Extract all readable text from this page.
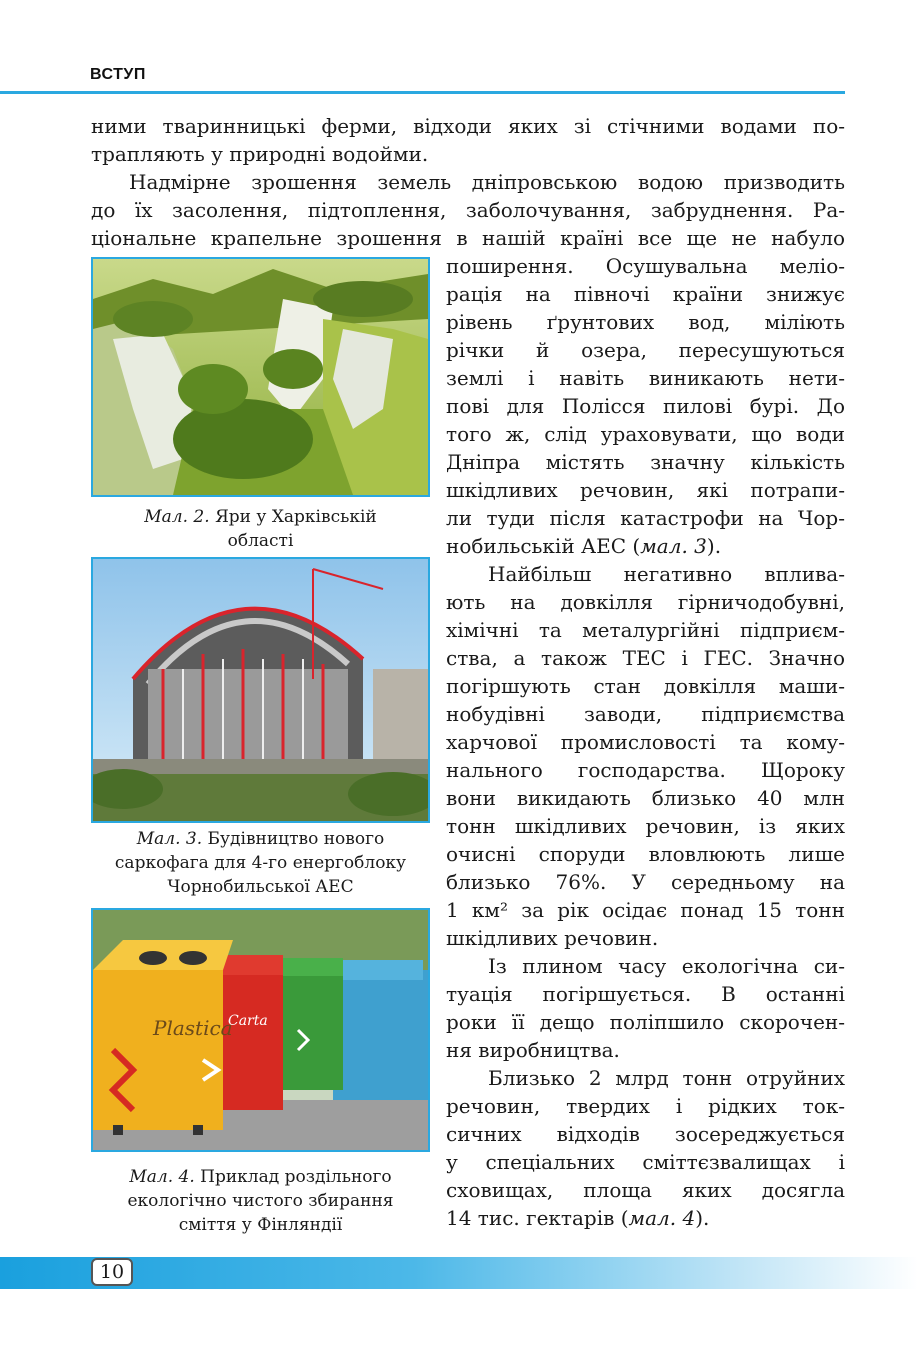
ВСТУП
ними тваринницькі ферми, відходи яких зі стічними водами по-
трапляють у природні водойми.
Надмірне зрошення земель дніпровською водою призводить
до їх засолення, підтоплення, заболочування, забруднення. Ра-
ціональне крапельне зрошення в нашій країні все ще не набуло
поширення. Осушувальна меліо-
рація на півночі країни знижує
рівень ґрунтових вод, міліють
річки й озера, пересушуються
землі і навіть виникають нети-
пові для Полісся пилові бурі. До
того ж, слід ураховувати, що води
Дніпра містять значну кількість
шкідливих речовин, які потрапи-
ли туди після катастрофи на Чор-
нобильській АЕС (мал. 3).
Найбільш негативно вплива-
ють на довкілля гірничодобувні,
хімічні та металургійні підприєм-
ства, а також ТЕС і ГЕС. Значно
погіршують стан довкілля маши-
нобудівні заводи, підприємства
харчової промисловості та кому-
нального господарства. Щороку
вони викидають близько 40 млн
тонн шкідливих речовин, із яких
очисні споруди вловлюють лише
близько 76%. У середньому на
1 км² за рік осідає понад 15 тонн
шкідливих речовин.
Із плином часу екологічна си-
туація погіршується. В останні
роки її дещо поліпшило скорочен-
ня виробництва.
Близько 2 млрд тонн отруйних
речовин, твердих і рідких ток-
сичних відходів зосереджується
у спеціальних сміттєзвалищах і
сховищах, площа яких досягла
14 тис. гектарів (мал. 4).
Мал. 2. Яри у Харківській
області
Мал. 3. Будівництво нового
саркофага для 4-го енергоблоку
Чорнобильської АЕС
Plastica
Carta
Мал. 4. Приклад роздільного
екологічно чистого збирання
сміття у Фінляндії
10
